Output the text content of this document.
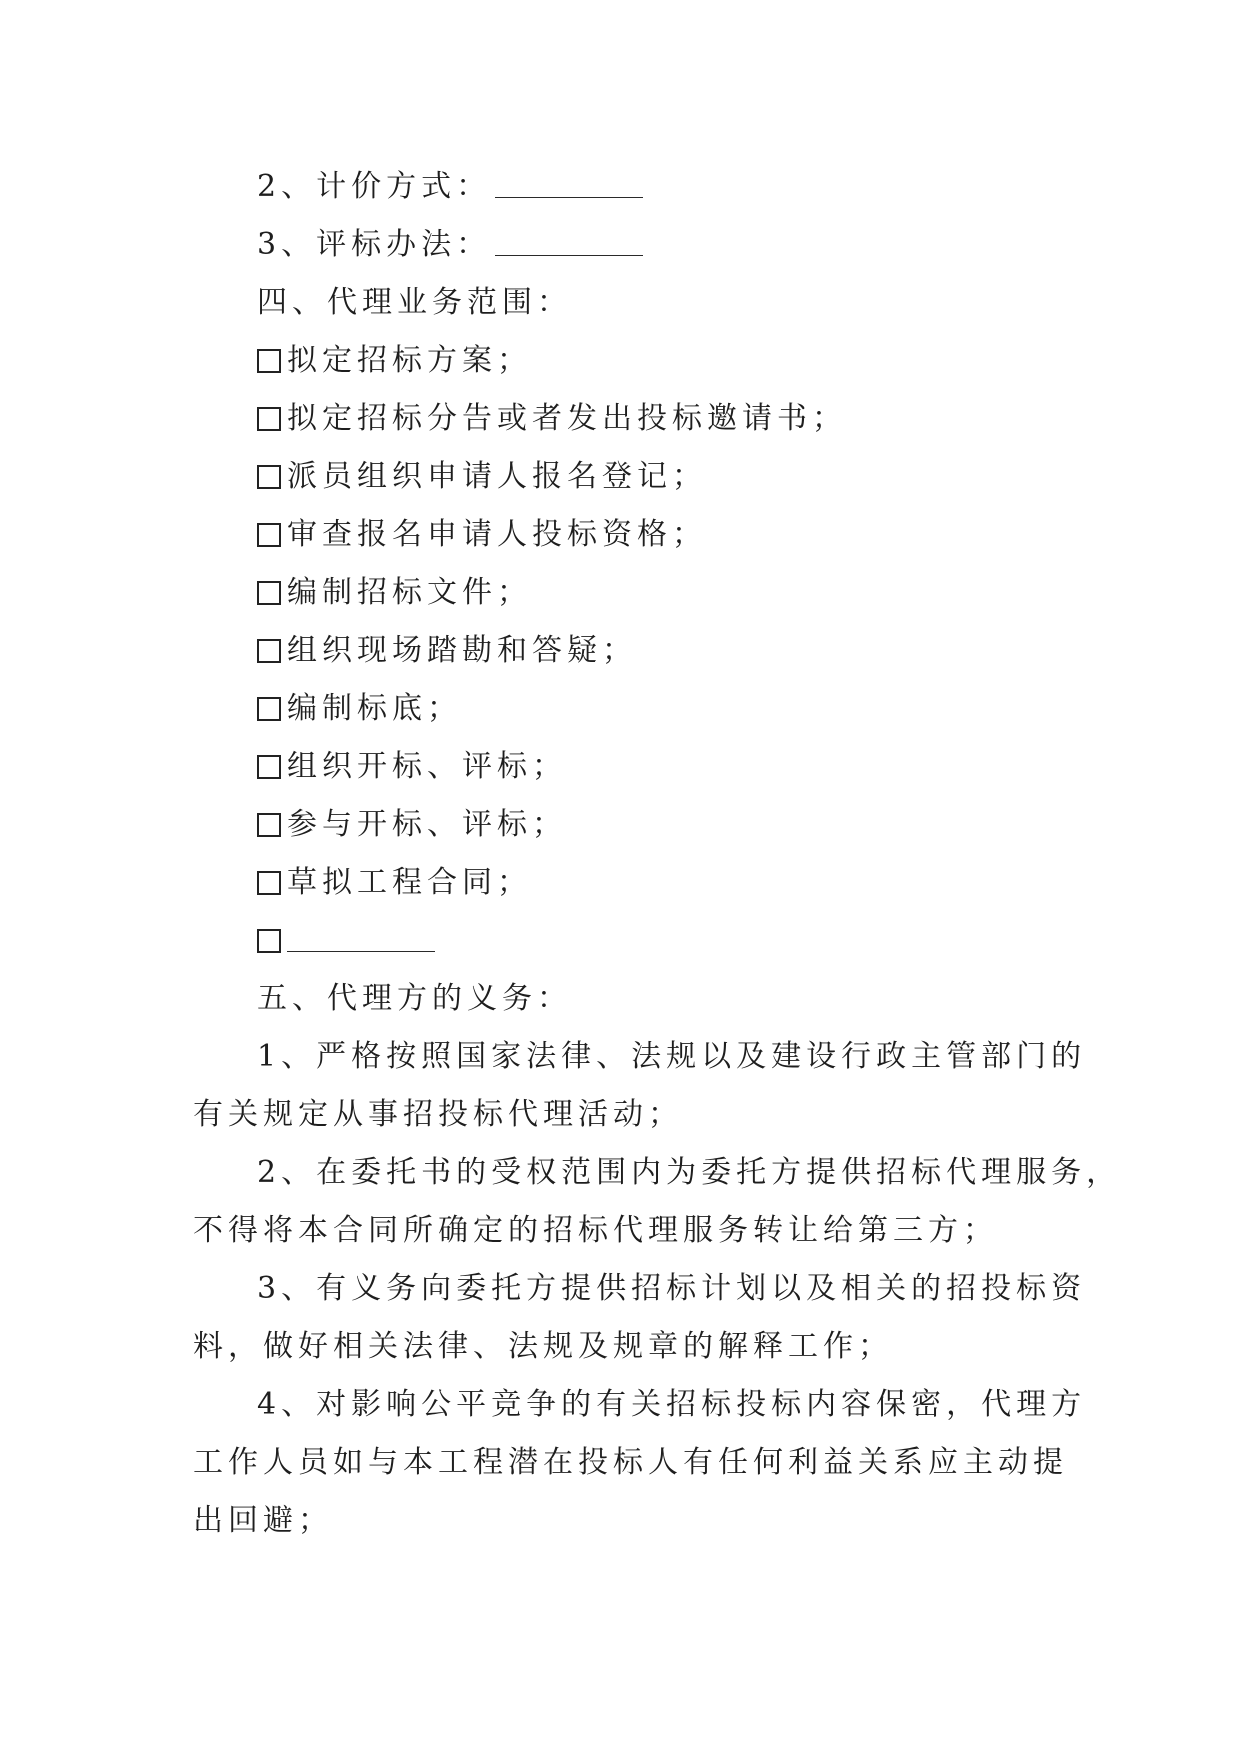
2、计价方式：
3、评标办法：
四、代理业务范围：
拟定招标方案；
拟定招标分告或者发出投标邀请书；
派员组织申请人报名登记；
审查报名申请人投标资格；
编制招标文件；
组织现场踏勘和答疑；
编制标底；
组织开标、评标；
参与开标、评标；
草拟工程合同；
五、代理方的义务：
1、严格按照国家法律、法规以及建设行政主管部门的
有关规定从事招投标代理活动；
2、在委托书的受权范围内为委托方提供招标代理服务，
不得将本合同所确定的招标代理服务转让给第三方；
3、有义务向委托方提供招标计划以及相关的招投标资
料，做好相关法律、法规及规章的解释工作；
4、对影响公平竞争的有关招标投标内容保密，代理方
工作人员如与本工程潜在投标人有任何利益关系应主动提
出回避；
